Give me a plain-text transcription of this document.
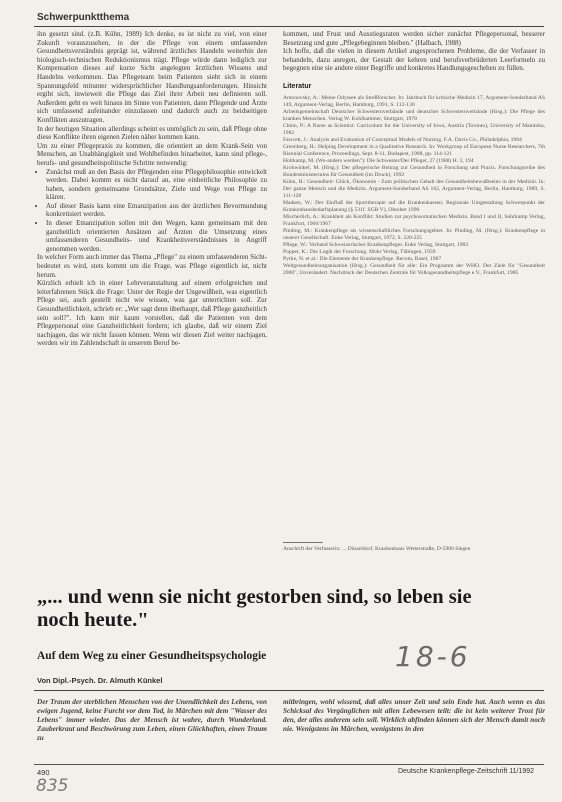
Schwerpunktthema

ihn gesetzt sind. (z.B. Kühn, 1989) Ich denke, es ist nicht zu viel, von einer Zukunft vorauszusehen, in der die Pflege von einem umfassenden Gesundheitsverständnis geprägt ist, während ärztliches Handeln weiterhin den biologisch-technischen Reduktionismus trägt. Pflege würde dann lediglich zur Kompensation dieses auf kurze Sicht angelegten ärztlichen Wissens und Handelns verkommen. Das Pflegeteam beim Patienten sieht sich in einem Spannungsfeld mitunter widersprüchlicher Handlungsanforderungen. Hinsicht ergibt sich, inwieweit die Pflege das Ziel ihrer Arbeit neu definieren soll. Außerdem geht es weit hinaus im Sinne von Patienten, dann Pflegende und Ärzte sich umfassend aufeinander einzulassen und dadurch auch zu beidseitigen Konflikten auszutragen.

In der heutigen Situation allerdings scheint es unmöglich zu sein, daß Pflege ohne diese Konflikte ihren eigenen Zielen näher kommen kann.

Um zu einer Pflegepraxis zu kommen, die orientiert an dem Krank-Sein von Menschen, an Unabhängigkeit und Wohlbefinden hinarbeitet, kann sind pflege-, berufs- und gesundheitspolitische Schritte notwendig:

• Zunächst muß an den Basis der Pflegenden eine Pflegephilosophie entwickelt werden. Dabei kommt es nicht darauf an, eine einheitliche Philosophie zu haben, sondern gemeinsame Grundsätze, Ziele und Wege von Pflege zu klären.
• Auf dieser Basis kann eine Emanzipation aus der ärztlichen Bevormundung konkretisiert werden.
• In dieser Emanzipation sollen mit den Wegen, kann gemeinsam mit den ganzheitlich orientierten Ansätzen auf Ärzten die Umsetzung eines umfassenderen Gesundheits- und Krankheitsverständnisses in Angriff genommen werden.

In welcher Form auch immer das Thema „Pflege" zu einem umfassenderen Sicht- bedeutet es wird, stets kommt um die Frage, was Pflege eigentlich ist, nicht herum.

Kürzlich erhielt ich in einer Lehrveranstaltung auf einem erfolgreichen und leiterfahrenen Stück die Frage: Unter der Regie der Ungewißheit, was eigentlich Pflege sei, auch gestellt nicht wie wissen, was gar unterrichten soll. Zur Gesundheitlichkeit, schrieb er: „Wer sagt denn überhaupt, daß Pflege ganzheitlich sein soll?". Ich kann mir kaum vorstellen, daß die Patienten von dem Pflegepersonal eine Ganzheitlichkeit fordern; ich glaube, daß wir einem Ziel nachjagen, das wir nicht fassen können. Wenn wir diesen Ziel weiter nachjagen, werden wir im Zahlendschaft in unserem Beruf be-

kommen, und Frust und Ausstiegsraten werden sicher zunächst Pflegepersonal, besserer Besetzung und gute „Pflegebeginnen bleiben." (Halbach, 1988)

Ich hoffe, daß die vielen in diesem Artikel angesprochenen Probleme, die der Verfasser in behandeln, dazu anregen, der Gestalt der kehren und berufsverbrüderten Leerformeln zu begegnen eine sie andere einer Begriffe und konkretes Handlungsgeschehen zu füllen.

Literatur

Antonovsky, A.: Meine Odyssee als Streßforscher. In: Jahrbuch für kritische Medizin 17, Argument-Sonderband AS 149, Argument-Verlag, Berlin, Hamburg, 1991, S. 112-130

Arbeitsgemeinschaft Deutscher Schwesternverbände und deutscher Schwesternverbände (Hrsg.): Die Pflege des kranken Menschen. Verlag W. Kohlhammer, Stuttgart, 1978

Chinn, P.: A Nurse as Scientist: Curriculum for the University of Iowa, Austria (Toronto), University of Manitoba, 1982

Fawcett, J.: Analysis and Evaluation of Conceptual Models of Nursing. F.A. Davis Co., Philadelphia, 1984

Greenberg, H.: Helping Development in a Qualitative Research. In: Workgroup of European Nurse Researchers, 7th Biennial Conference, Proceedings, Sept. 8-11, Budapest, 1988, pp. 114-121

Holtkamp, M. (Wo-anders werden"): Die Schwester/Der Pfleger, 27 (1988) H. 3, 194

Krohwinkel, M. (Hrsg.): Der pflegerische Beitrag zur Gesundheit in Forschung und Praxis. Forschungsreihe des Bundesministeriums für Gesundheit (im Druck), 1992

Kühn, H.: Gesundheit: Glück, Ökonomie - Zum politischen Gehalt des Gesundheitsbewußtseins in der Medizin. In: Der ganze Mensch und die Medizin. Argument-Sonderband AS 162, Argument-Verlag, Berlin, Hamburg, 1989, S. 111-128

Madsen, W.: Der Einfluß der Sporttherapie auf die Krankenkassen: Regionale Umgestaltung Schwerpunkt der Krankenhausbedarfsplanung (§ 531f. SGB V), Oktober 1990

Mischerlich, A.: Krankheit als Konflikt: Studien zur psychosomatischen Medizin. Band I und II, Suhrkamp Verlag, Frankfurt, 1966/1967

Pinding, M.: Krankenpflege als wissenschaftliches Forschungsgebiet. In: Pinding, M. (Hrsg.): Krankenpflege in unserer Gesellschaft. Enke Verlag, Stuttgart, 1972, S. 220-225

Pflege, W.: Verband Schweizerischer Krankenpfleger. Enke Verlag, Stuttgart, 1982

Popper, K.: Die Logik der Forschung. Mohr Verlag, Tübingen, 1959

Pyrke, N. et al.: Die Elemente der Krankenpflege. Recom, Basel, 1987

Weltgesundheitsorganisation (Hrsg.): Gesundheit für alle: Ein Programm der WHO. Der Ziele für "Gesundheit 2000", Unverändert. Nachdruck der Deutschen Zentrale für Volksgesundheitspflege e.V., Frankfurt, 1985

Anschrift der Verfasserin: ... Düsseldorf, Krankenhaus Wetterstraße, D-5900 Siegen
„... und wenn sie nicht gestorben sind, so leben sie noch heute."
Auf dem Weg zu einer Gesundheitspsychologie	18-6
Von Dipl.-Psych. Dr. Almuth Künkel
Der Traum der sterblichen Menschen von der Unendlichkeit des Lebens, von ewigen Jugend, keine Furcht vor dem Tod, in Märchen mit dem "Wasser des Lebens" immer wieder. Das der Mensch ist wahre, durch Wunderland. Zauberkraut und Beschwörung zum Leben, einen Glückhaften, einen Traum zu
mitbringen, wohl wissend, daß alles unser Zeit und sein Ende hat. Auch wenn es das Schicksal des Vergänglichen mit allen Lebewesen teilt: die ist kein weiterer Trost für den, der alles anderem sein soll. Wirklich abfinden können sich der Mensch damit noch nie. Wenigstens im Märchen, wenigstens in den
490	Deutsche Krankenpflege-Zeitschrift 11/1992
835
